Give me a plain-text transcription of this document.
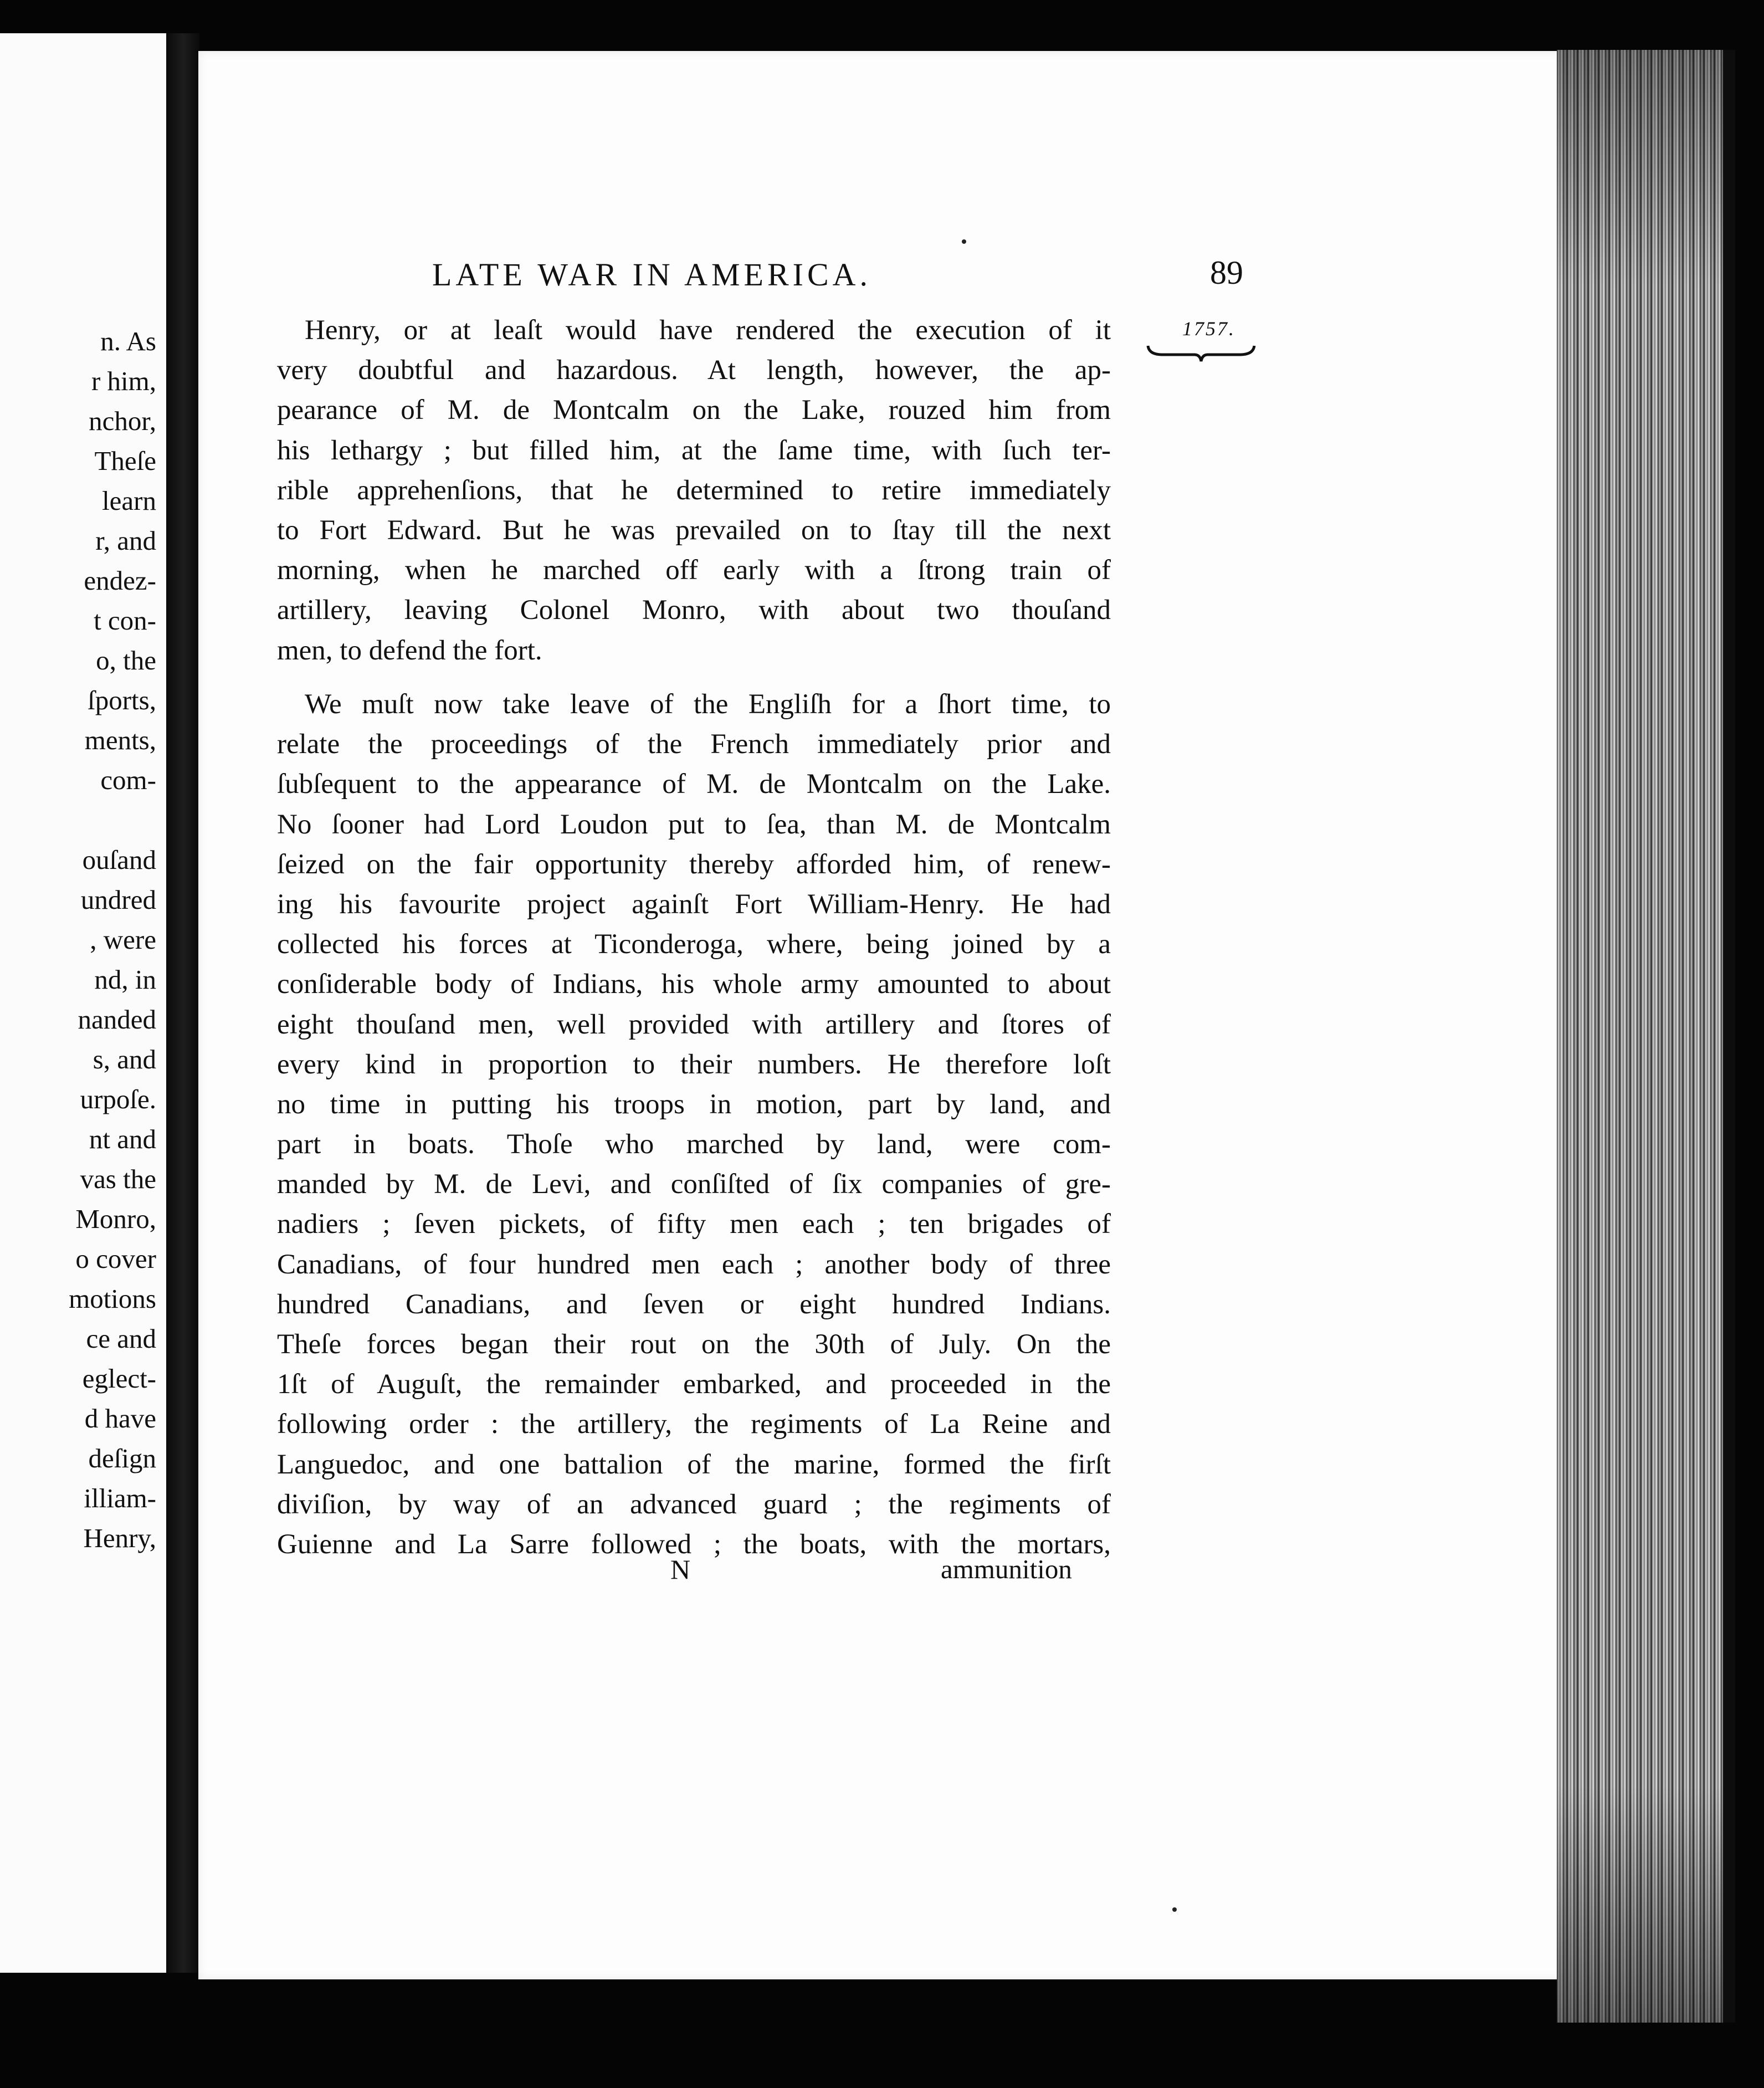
n. As
r him,
nchor,
Theſe
learn
r, and
endez-
t con-
o, the
ſports,
ments,
com-
ouſand
undred
, were
nd, in
nanded
s, and
urpoſe.
nt and
vas the
Monro,
o cover
motions
ce and
eglect-
d have
deſign
illiam-
Henry,
LATE WAR IN AMERICA.	89
1757.
Henry, or at leaſt would have rendered the execution of it
very doubtful and hazardous. At length, however, the ap-
pearance of M. de Montcalm on the Lake, rouzed him from
his lethargy ; but filled him, at the ſame time, with ſuch ter-
rible apprehenſions, that he determined to retire immediately
to Fort Edward. But he was prevailed on to ſtay till the next
morning, when he marched off early with a ſtrong train of
artillery, leaving Colonel Monro, with about two thouſand
men, to defend the fort.
We muſt now take leave of the Engliſh for a ſhort time, to
relate the proceedings of the French immediately prior and
ſubſequent to the appearance of M. de Montcalm on the Lake.
No ſooner had Lord Loudon put to ſea, than M. de Montcalm
ſeized on the fair opportunity thereby afforded him, of renew-
ing his favourite project againſt Fort William-Henry. He had
collected his forces at Ticonderoga, where, being joined by a
conſiderable body of Indians, his whole army amounted to about
eight thouſand men, well provided with artillery and ſtores of
every kind in proportion to their numbers. He therefore loſt
no time in putting his troops in motion, part by land, and
part in boats. Thoſe who marched by land, were com-
manded by M. de Levi, and conſiſted of ſix companies of gre-
nadiers ; ſeven pickets, of fifty men each ; ten brigades of
Canadians, of four hundred men each ; another body of three
hundred Canadians, and ſeven or eight hundred Indians.
Theſe forces began their rout on the 30th of July. On the
1ſt of Auguſt, the remainder embarked, and proceeded in the
following order : the artillery, the regiments of La Reine and
Languedoc, and one battalion of the marine, formed the firſt
diviſion, by way of an advanced guard ; the regiments of
Guienne and La Sarre followed ; the boats, with the mortars,
N	ammunition
